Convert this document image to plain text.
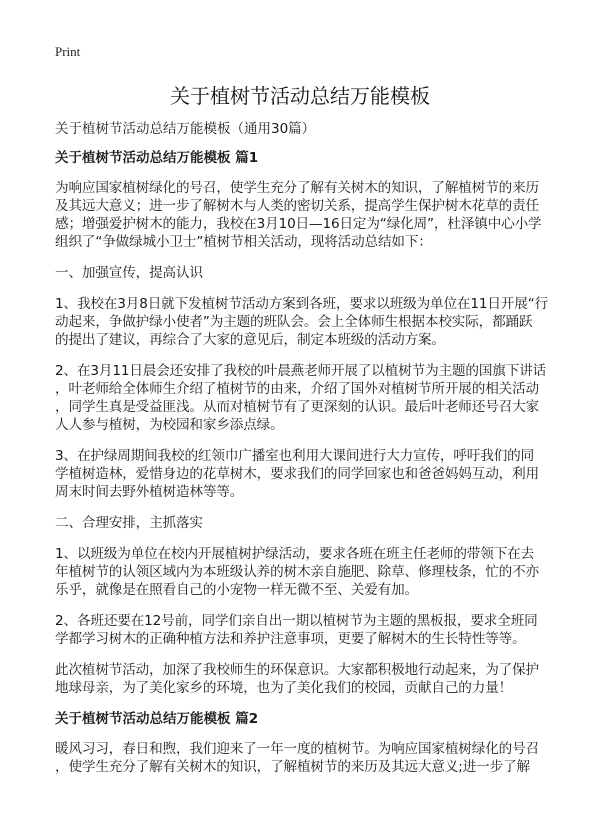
Print
关于植树节活动总结万能模板
关于植树节活动总结万能模板（通用30篇）
关于植树节活动总结万能模板 篇1
为响应国家植树绿化的号召，使学生充分了解有关树木的知识，了解植树节的来历
及其远大意义；进一步了解树木与人类的密切关系，提高学生保护树木花草的责任
感；增强爱护树木的能力，我校在3月10日—16日定为“绿化周”，杜泽镇中心小学
组织了“争做绿城小卫士”植树节相关活动，现将活动总结如下：
一、加强宣传，提高认识
1、我校在3月8日就下发植树节活动方案到各班，要求以班级为单位在11日开展“行
动起来，争做护绿小使者”为主题的班队会。会上全体师生根据本校实际，都踊跃
的提出了建议，再综合了大家的意见后，制定本班级的活动方案。
2、在3月11日晨会还安排了我校的叶晨燕老师开展了以植树节为主题的国旗下讲话
，叶老师给全体师生介绍了植树节的由来，介绍了国外对植树节所开展的相关活动
，同学生真是受益匪浅。从而对植树节有了更深刻的认识。最后叶老师还号召大家
人人参与植树，为校园和家乡添点绿。
3、在护绿周期间我校的红领巾广播室也利用大课间进行大力宣传，呼吁我们的同
学植树造林，爱惜身边的花草树木，要求我们的同学回家也和爸爸妈妈互动，利用
周末时间去野外植树造林等等。
二、合理安排，主抓落实
1、以班级为单位在校内开展植树护绿活动，要求各班在班主任老师的带领下在去
年植树节的认领区域内为本班级认养的树木亲自施肥、除草、修理枝条，忙的不亦
乐乎，就像是在照看自己的小宠物一样无微不至、关爱有加。
2、各班还要在12号前，同学们亲自出一期以植树节为主题的黑板报，要求全班同
学都学习树木的正确种植方法和养护注意事项，更要了解树木的生长特性等等。
此次植树节活动，加深了我校师生的环保意识。大家都积极地行动起来，为了保护
地球母亲，为了美化家乡的环境，也为了美化我们的校园，贡献自己的力量！
关于植树节活动总结万能模板 篇2
暖风习习，春日和煦，我们迎来了一年一度的植树节。为响应国家植树绿化的号召
，使学生充分了解有关树木的知识，了解植树节的来历及其远大意义;进一步了解
